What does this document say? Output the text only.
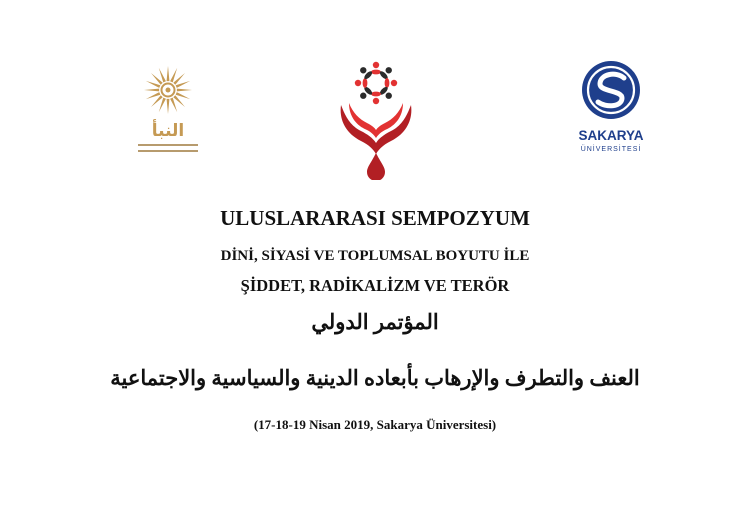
النبأ	SAKARYA
ÜNİVERSİTESİ
ULUSLARARASI SEMPOZYUM
DİNİ, SİYASİ VE TOPLUMSAL BOYUTU İLE
ŞİDDET, RADİKALİZM VE TERÖR
المؤتمر الدولي
العنف والتطرف والإرهاب بأبعاده الدينية والسياسية والاجتماعية
(17-18-19 Nisan 2019, Sakarya Üniversitesi)
